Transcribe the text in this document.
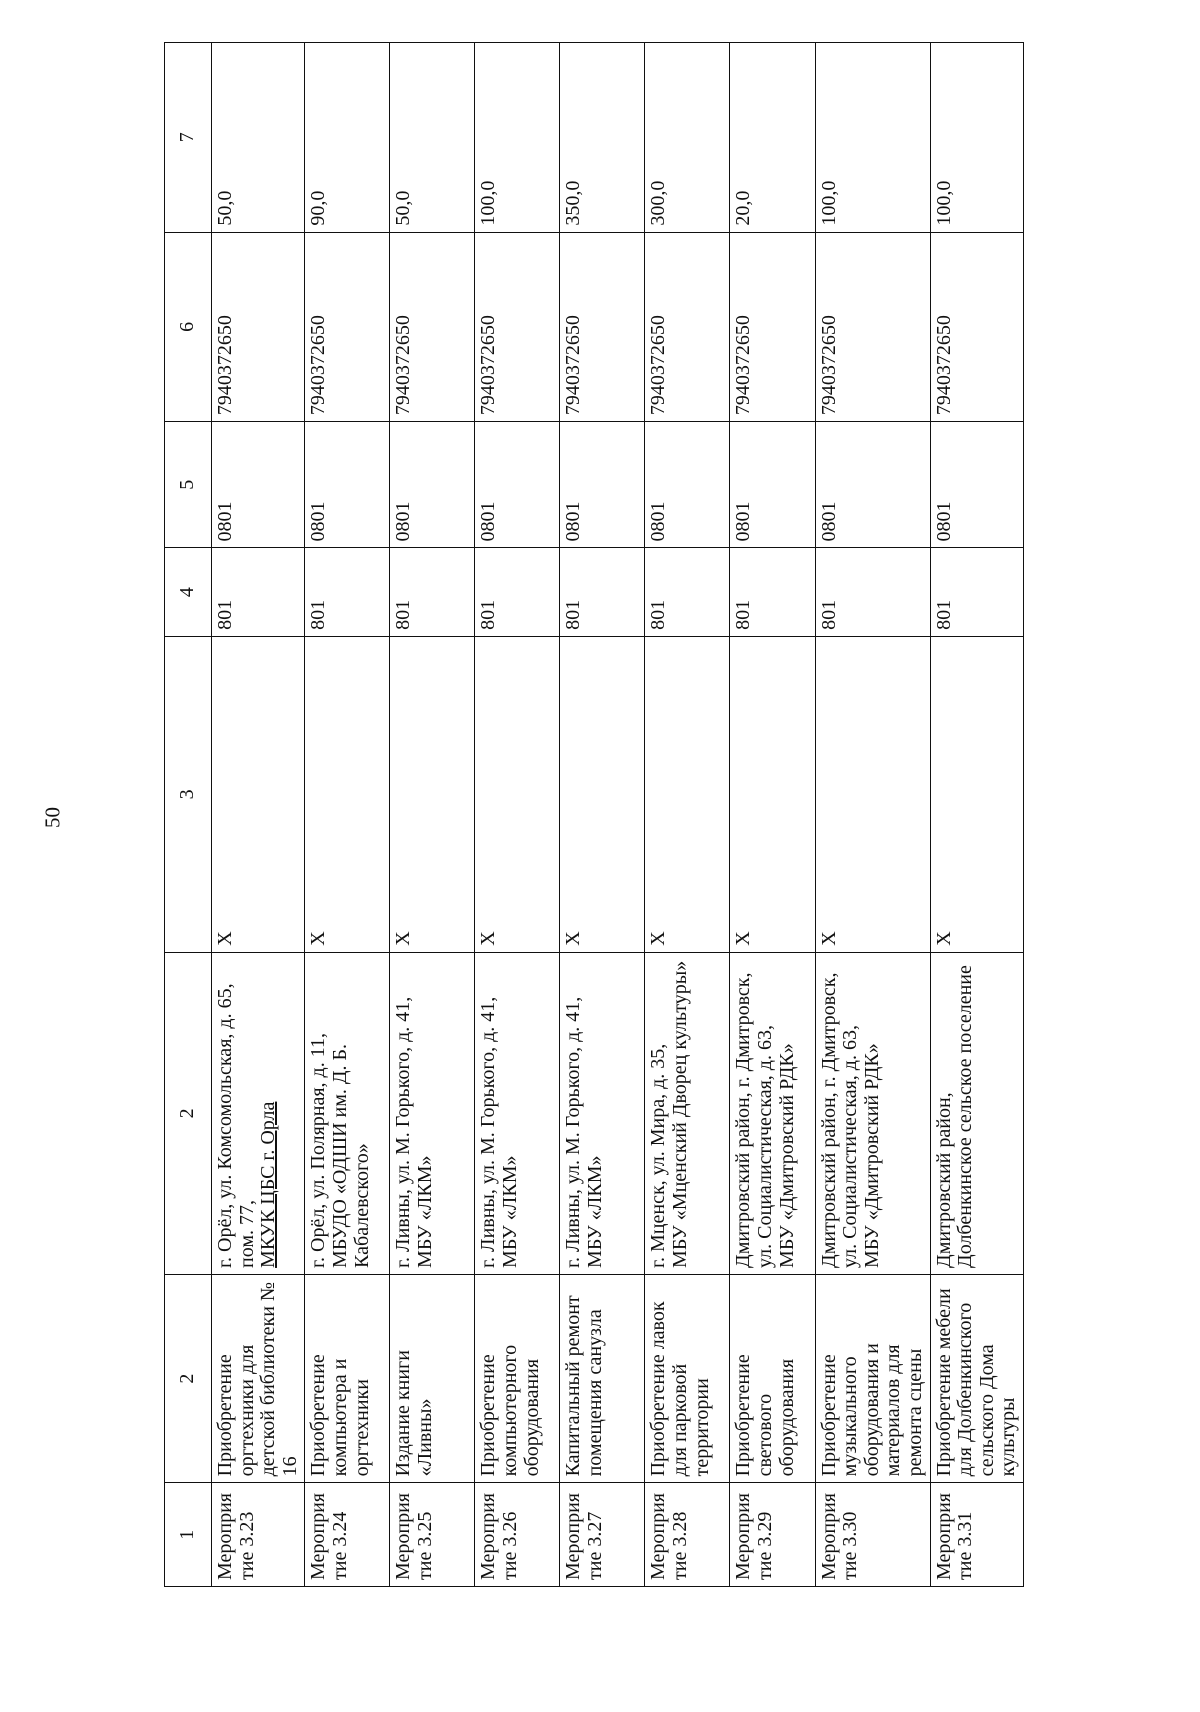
50
1	2	2	3	4	5	6	7
Мероприятие 3.23	Приобретение оргтехники для детской библиотеки № 16	г. Орёл, ул. Комсомольская, д. 65, пом. 77,
МКУК ЦБС г. Орла	Х	801	0801	7940372650	50,0
Мероприятие 3.24	Приобретение компьютера и оргтехники	г. Орёл, ул. Полярная, д. 11,
МБУДО «ОДШИ им. Д. Б. Кабалевского»	Х	801	0801	7940372650	90,0
Мероприятие 3.25	Издание книги «Ливны»	г. Ливны, ул. М. Горького, д. 41,
МБУ «ЛКМ»	Х	801	0801	7940372650	50,0
Мероприятие 3.26	Приобретение компьютерного оборудования	г. Ливны, ул. М. Горького, д. 41,
МБУ «ЛКМ»	Х	801	0801	7940372650	100,0
Мероприятие 3.27	Капитальный ремонт помещения санузла	г. Ливны, ул. М. Горького, д. 41,
МБУ «ЛКМ»	Х	801	0801	7940372650	350,0
Мероприятие 3.28	Приобретение лавок для парковой территории	г. Мценск, ул. Мира, д. 35,
МБУ «Мценский Дворец культуры»	Х	801	0801	7940372650	300,0
Мероприятие 3.29	Приобретение светового оборудования	Дмитровский район, г. Дмитровск, ул. Социалистическая, д. 63,
МБУ «Дмитровский РДК»	Х	801	0801	7940372650	20,0
Мероприятие 3.30	Приобретение музыкального оборудования и материалов для ремонта сцены	Дмитровский район, г. Дмитровск, ул. Социалистическая, д. 63,
МБУ «Дмитровский РДК»	Х	801	0801	7940372650	100,0
Мероприятие 3.31	Приобретение мебели для Долбенкинского сельского Дома культуры	Дмитровский район, Долбенкинское сельское поселение	Х	801	0801	7940372650	100,0
